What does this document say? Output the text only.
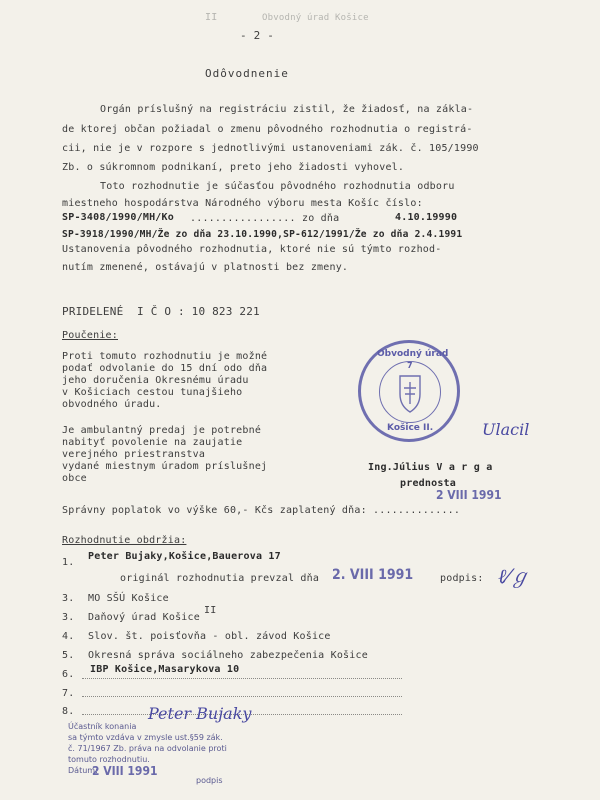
II
- 2 -
Obvodný úrad Košice
Odôvodnenie
Orgán príslušný na registráciu zistil, že žiadosť, na zákla-
de ktorej občan požiadal o zmenu pôvodného rozhodnutia o registrá-
cii, nie je v rozpore s jednotlivými ustanoveniami zák. č. 105/1990
Zb. o súkromnom podnikaní, preto jeho žiadosti vyhovel.
Toto rozhodnutie je súčasťou pôvodného rozhodnutia odboru
miestneho hospodárstva Národného výboru mesta Košíc číslo:
SP-3408/1990/MH/Ko ................. zo dňa	4.10.19990
SP-3918/1990/MH/Že zo dňa 23.10.1990,SP-612/1991/Že zo dňa 2.4.1991
Ustanovenia pôvodného rozhodnutia, ktoré nie sú týmto rozhod-
nutím zmenené, ostávajú v platnosti bez zmeny.
PRIDELENÉ  I Č O : 10 823 221
Poučenie:
Proti tomuto rozhodnutiu je možné
podať odvolanie do 15 dní odo dňa
jeho doručenia Okresnému úradu
v Košiciach cestou tunajšieho
obvodného úradu.
Je ambulantný predaj je potrebné
nabityť povolenie na zaujatie
verejného priestranstva
vydané miestnym úradom príslušnej
obce
Obvodný úrad
7
Košice II.	Ulacil
Ing.Július V a r g a
prednosta
2 VIII 1991
Správny poplatok vo výške 60,- Kčs zaplatený dňa: ..............
Rozhodnutie obdržia:
1.
Peter Bujaky,Košice,Bauerova 17
originál rozhodnutia prevzal dňa 2. VIII 1991	podpis: ℓ⁄ℊ
3. MO SŠÚ Košice
3. Daňový úrad Košice
II
4. Slov. št. poisťovňa - obl. závod Košice
5. Okresná správa sociálneho zabezpečenia Košice
6. IBP Košice,Masarykova 10
7.
8.
Účastník konania
sa týmto vzdáva v zmysle ust.§59 zák.
č. 71/1967 Zb. práva na odvolanie proti
tomuto rozhodnutiu.
Dátum:
Peter Bujaky
2 VIII 1991
podpis
